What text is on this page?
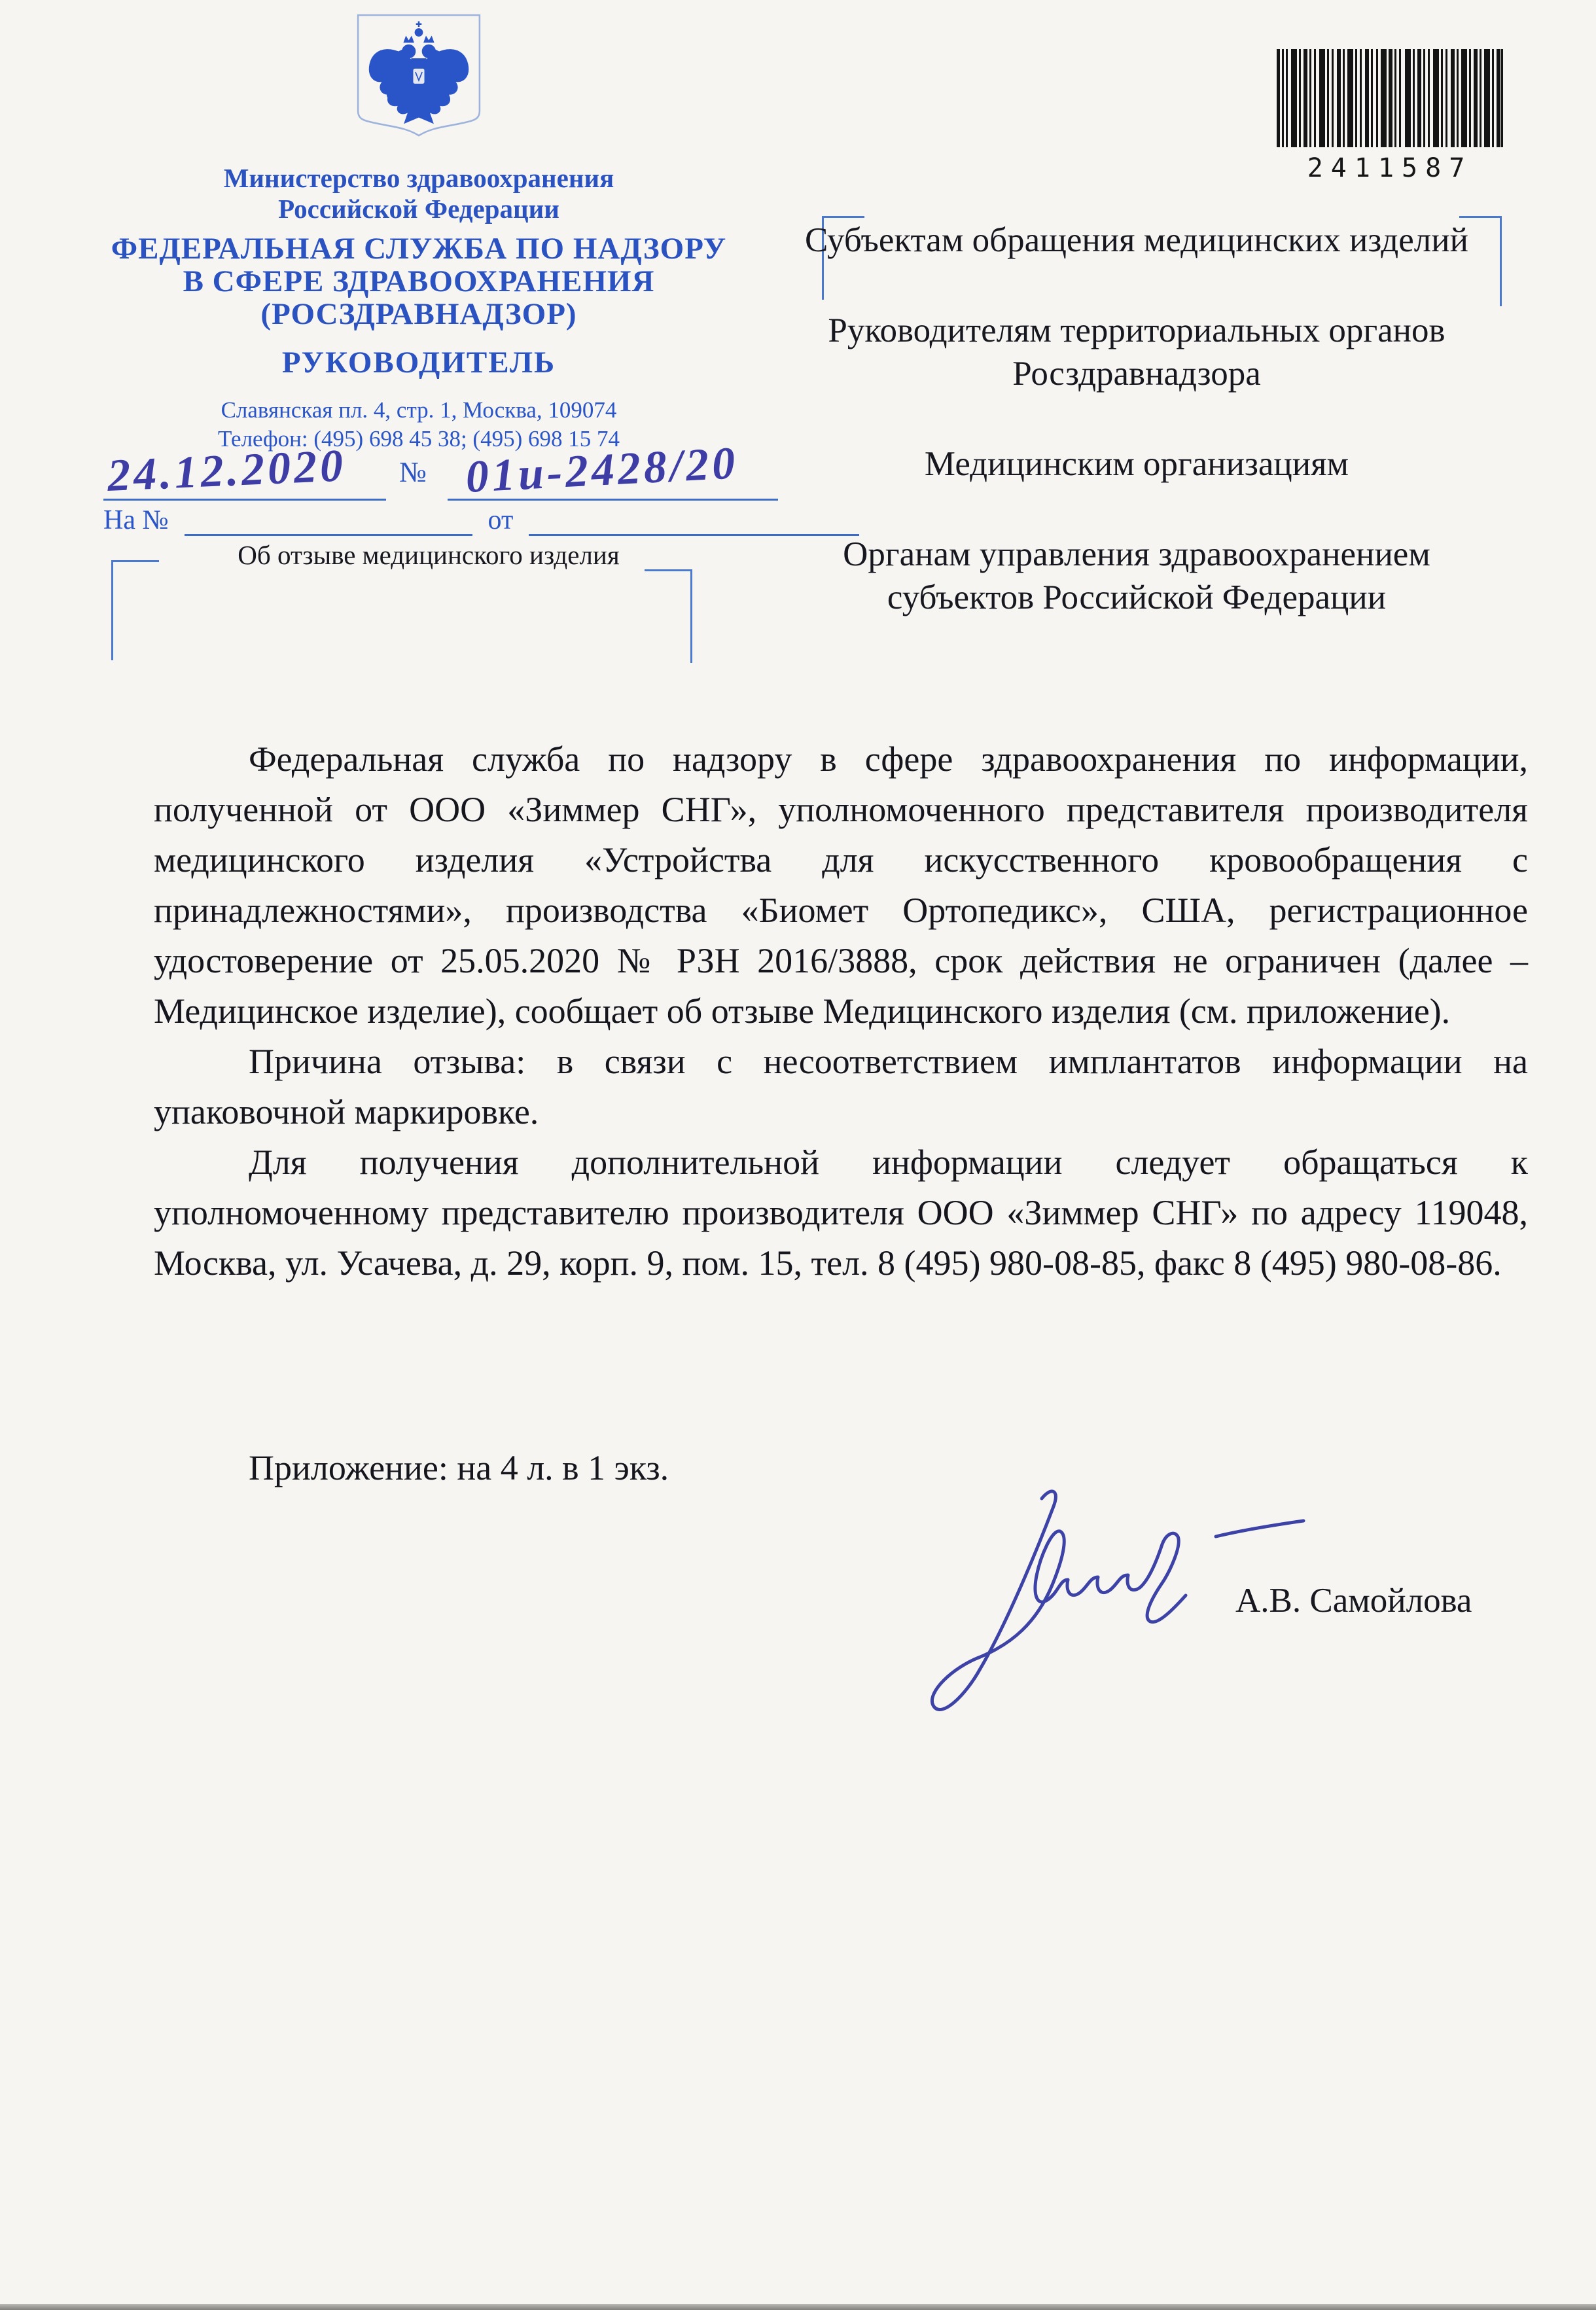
Министерство здравоохранения
Российской Федерации
ФЕДЕРАЛЬНАЯ СЛУЖБА ПО НАДЗОРУ
В СФЕРЕ ЗДРАВООХРАНЕНИЯ
(РОСЗДРАВНАДЗОР)
РУКОВОДИТЕЛЬ
Славянская пл. 4, стр. 1, Москва, 109074
Телефон: (495) 698 45 38; (495) 698 15 74
24.12.2020 № 01и-2428/20
На №	от
Об отзыве медицинского изделия
2411587

Субъектам обращения медицинских изделий

Руководителям территориальных органов Росздравнадзора

Медицинским организациям

Органам управления здравоохранением субъектов Российской Федерации

Федеральная служба по надзору в сфере здравоохранения по информации, полученной от ООО «Зиммер СНГ», уполномоченного представителя производителя медицинского изделия «Устройства для искусственного кровообращения с принадлежностями», производства «Биомет Ортопедикс», США, регистрационное удостоверение от 25.05.2020 № РЗН 2016/3888, срок действия не ограничен (далее – Медицинское изделие), сообщает об отзыве Медицинского изделия (см. приложение).

Причина отзыва: в связи с несоответствием имплантатов информации на упаковочной маркировке.

Для получения дополнительной информации следует обращаться к уполномоченному представителю производителя ООО «Зиммер СНГ» по адресу 119048, Москва, ул. Усачева, д. 29, корп. 9, пом. 15, тел. 8 (495) 980-08-85, факс 8 (495) 980-08-86.

Приложение: на 4 л. в 1 экз.
А.В. Самойлова
